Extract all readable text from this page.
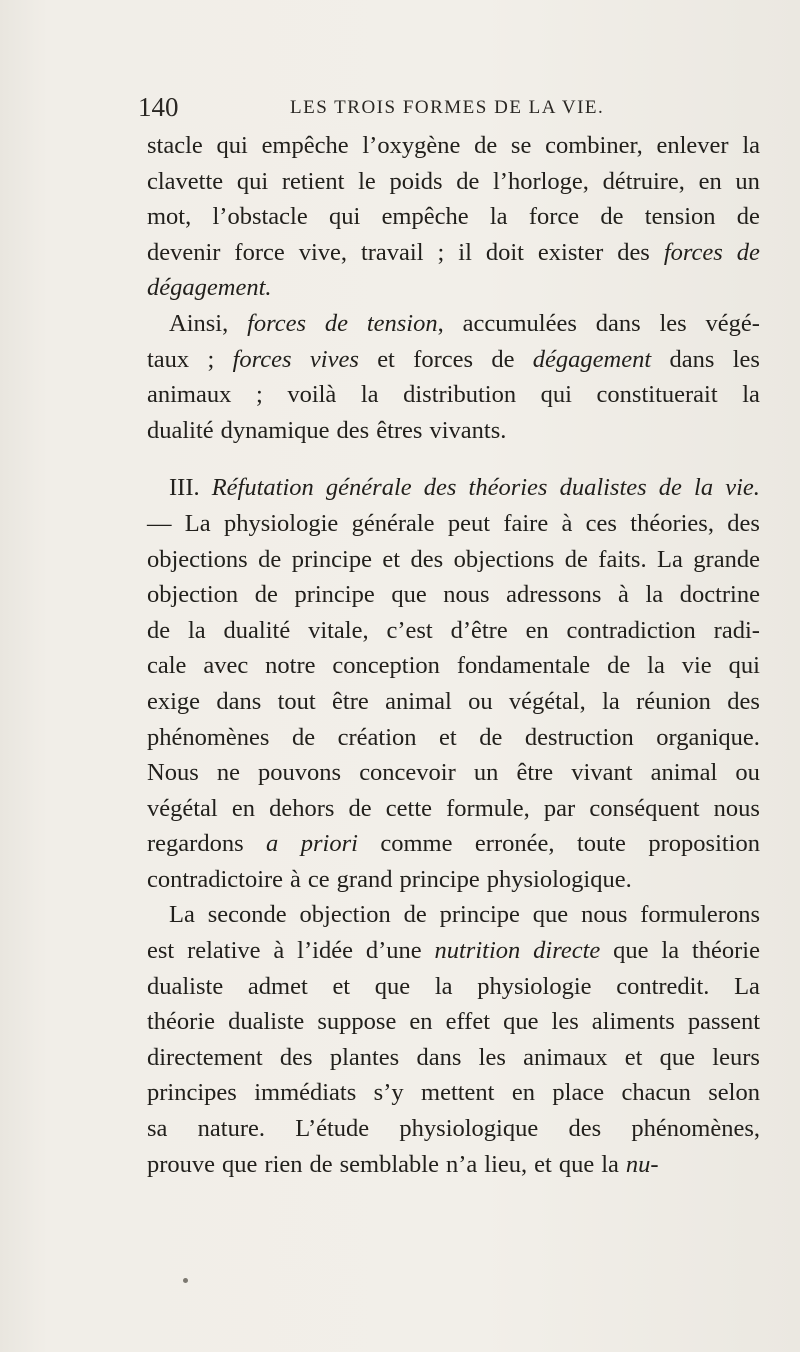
140	LES TROIS FORMES DE LA VIE.
stacle qui empêche l’oxygène de se combiner, enlever la
clavette qui retient le poids de l’horloge, détruire, en un
mot, l’obstacle qui empêche la force de tension de
devenir force vive, travail ; il doit exister des forces de
dégagement.
Ainsi, forces de tension, accumulées dans les végé-
taux ; forces vives et forces de dégagement dans les
animaux ; voilà la distribution qui constituerait la
dualité dynamique des êtres vivants.
III. Réfutation générale des théories dualistes de la vie.
— La physiologie générale peut faire à ces théories, des
objections de principe et des objections de faits. La grande
objection de principe que nous adressons à la doctrine
de la dualité vitale, c’est d’être en contradiction radi-
cale avec notre conception fondamentale de la vie qui
exige dans tout être animal ou végétal, la réunion des
phénomènes de création et de destruction organique.
Nous ne pouvons concevoir un être vivant animal ou
végétal en dehors de cette formule, par conséquent nous
regardons a priori comme erronée, toute proposition
contradictoire à ce grand principe physiologique.
La seconde objection de principe que nous formulerons
est relative à l’idée d’une nutrition directe que la théorie
dualiste admet et que la physiologie contredit. La
théorie dualiste suppose en effet que les aliments passent
directement des plantes dans les animaux et que leurs
principes immédiats s’y mettent en place chacun selon
sa nature. L’étude physiologique des phénomènes,
prouve que rien de semblable n’a lieu, et que la nu-
